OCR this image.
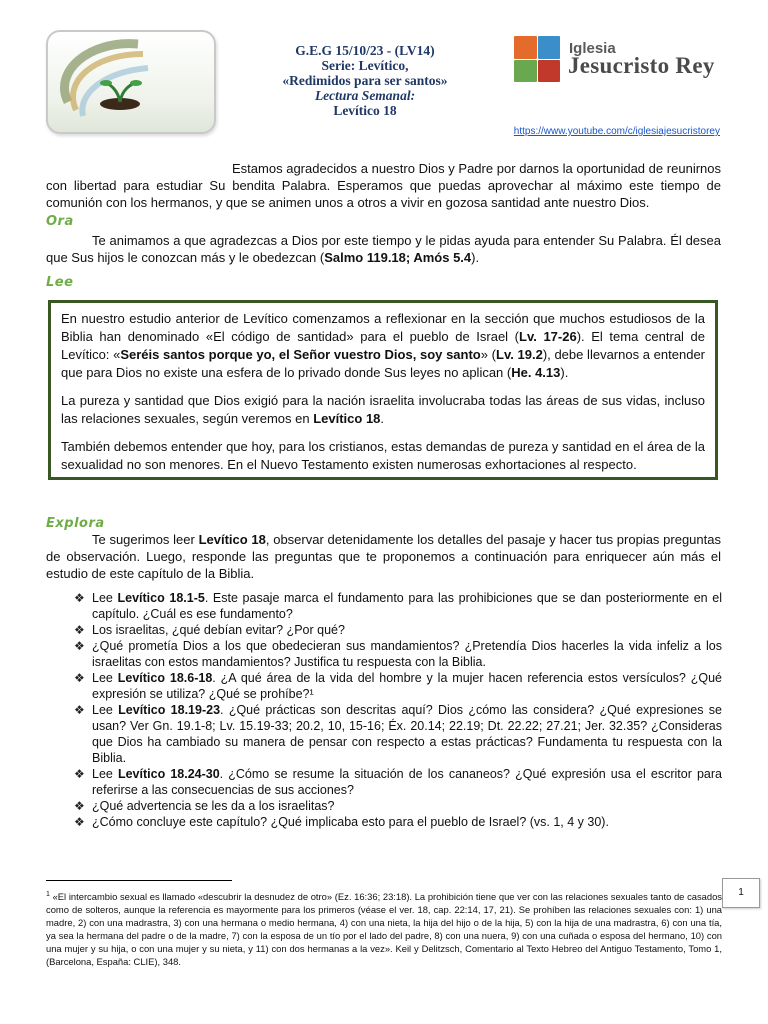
G.E.G 15/10/23 - (LV14)
Serie: Levítico,
«Redimidos para ser santos»
Lectura Semanal:
Levítico 18
Iglesia
Jesucristo Rey
https://www.youtube.com/c/iglesiajesucristorey
Estamos agradecidos a nuestro Dios y Padre por darnos la oportunidad de reunirnos con libertad para estudiar Su bendita Palabra. Esperamos que puedas aprovechar al máximo este tiempo de comunión con los hermanos, y que se animen unos a otros a vivir en gozosa santidad ante nuestro Dios.
Ora
Te animamos a que agradezcas a Dios por este tiempo y le pidas ayuda para entender Su Palabra. Él desea que Sus hijos le conozcan más y le obedezcan (Salmo 119.18; Amós 5.4).
Lee

En nuestro estudio anterior de Levítico comenzamos a reflexionar en la sección que muchos estudiosos de la Biblia han denominado «El código de santidad» para el pueblo de Israel (Lv. 17-26). El tema central de Levítico: «Seréis santos porque yo, el Señor vuestro Dios, soy santo» (Lv. 19.2), debe llevarnos a entender que para Dios no existe una esfera de lo privado donde Sus leyes no aplican (He. 4.13).

La pureza y santidad que Dios exigió para la nación israelita involucraba todas las áreas de sus vidas, incluso las relaciones sexuales, según veremos en Levítico 18.

También debemos entender que hoy, para los cristianos, estas demandas de pureza y santidad en el área de la sexualidad no son menores. En el Nuevo Testamento existen numerosas exhortaciones al respecto.

Explora
Te sugerimos leer Levítico 18, observar detenidamente los detalles del pasaje y hacer tus propias preguntas de observación. Luego, responde las preguntas que te proponemos a continuación para enriquecer aún más el estudio de este capítulo de la Biblia.
❖ Lee Levítico 18.1-5. Este pasaje marca el fundamento para las prohibiciones que se dan posteriormente en el capítulo. ¿Cuál es ese fundamento?
❖ Los israelitas, ¿qué debían evitar? ¿Por qué?
❖ ¿Qué prometía Dios a los que obedecieran sus mandamientos? ¿Pretendía Dios hacerles la vida infeliz a los israelitas con estos mandamientos? Justifica tu respuesta con la Biblia.
❖ Lee Levítico 18.6-18. ¿A qué área de la vida del hombre y la mujer hacen referencia estos versículos? ¿Qué expresión se utiliza? ¿Qué se prohíbe?¹
❖ Lee Levítico 18.19-23. ¿Qué prácticas son descritas aquí? Dios ¿cómo las considera? ¿Qué expresiones se usan? Ver Gn. 19.1-8; Lv. 15.19-33; 20.2, 10, 15-16; Éx. 20.14; 22.19; Dt. 22.22; 27.21; Jer. 32.35? ¿Consideras que Dios ha cambiado su manera de pensar con respecto a estas prácticas? Fundamenta tu respuesta con la Biblia.
❖ Lee Levítico 18.24-30. ¿Cómo se resume la situación de los cananeos? ¿Qué expresión usa el escritor para referirse a las consecuencias de sus acciones?
❖ ¿Qué advertencia se les da a los israelitas?
❖ ¿Cómo concluye este capítulo? ¿Qué implicaba esto para el pueblo de Israel? (vs. 1, 4 y 30).
$^1$ «El intercambio sexual es llamado «descubrir la desnudez de otro» (Ez. 16:36; 23:18). La prohibición tiene que ver con las relaciones sexuales tanto de casados como de solteros, aunque la referencia es mayormente para los primeros (véase el ver. 18, cap. 22:14, 17, 21). Se prohíben las relaciones sexuales con: 1) una madre, 2) con una madrastra, 3) con una hermana o medio hermana, 4) con una nieta, la hija del hijo o de la hija, 5) con la hija de una madrastra, 6) con una tía, ya sea la hermana del padre o de la madre, 7) con la esposa de un tío por el lado del padre, 8) con una nuera, 9) con una cuñada o esposa del hermano, 10) con una mujer y su hija, o con una mujer y su nieta, y 11) con dos hermanas a la vez». Keil y Delitzsch, Comentario al Texto Hebreo del Antiguo Testamento, Tomo 1, (Barcelona, España: CLIE), 348.
1
